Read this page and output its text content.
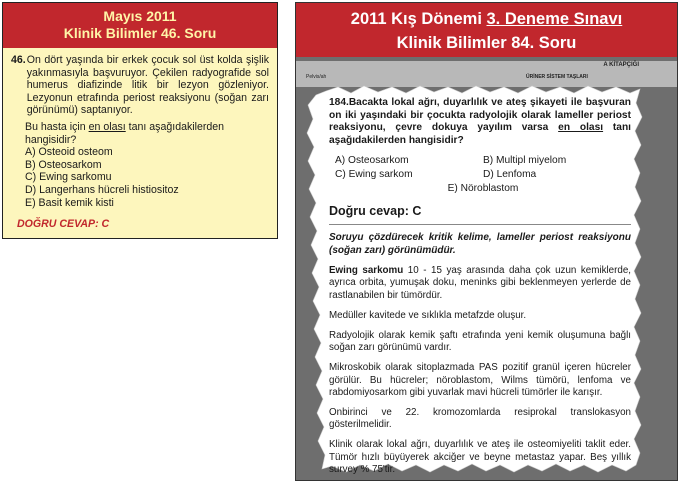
Mayıs 2011
Klinik Bilimler 46. Soru
46. On dört yaşında bir erkek çocuk sol üst kolda şişlik yakınmasıyla başvuruyor. Çekilen radyografide sol humerus diafizinde litik bir lezyon gözleniyor. Lezyonun etrafında periost reaksiyonu (soğan zarı görünümü) saptanıyor.
Bu hasta için en olası tanı aşağıdakilerden hangisidir?
A) Osteoid osteom
B) Osteosarkom
C) Ewing sarkomu
D) Langerhans hücreli histiositoz
E) Basit kemik kisti
DOĞRU CEVAP: C
2011 Kış Dönemi 3. Deneme Sınavı
Klinik Bilimler 84. Soru
A KİTAPÇIĞI
Pelvis/ah	ÜRİNER SİSTEM TAŞLARI
184.Bacakta lokal ağrı, duyarlılık ve ateş şikayeti ile başvuran on iki yaşındaki bir çocukta radyolojik olarak lameller periost reaksiyonu, çevre dokuya yayılım varsa en olası tanı aşağıdakilerden hangisidir?
A) Osteosarkom	B) Multipl miyelom
C) Ewing sarkom	D) Lenfoma
E) Nöroblastom
Doğru cevap: C
Soruyu çözdürecek kritik kelime, lameller periost reaksiyonu (soğan zarı) görünümüdür.
Ewing sarkomu 10 - 15 yaş arasında daha çok uzun kemiklerde, ayrıca orbita, yumuşak doku, meninks gibi beklenmeyen yerlerde de rastlanabilen bir tümördür.
Medüller kavitede ve sıklıkla metafzde oluşur.
Radyolojik olarak kemik şaftı etrafında yeni kemik oluşumuna bağlı soğan zarı görünümü vardır.
Mikroskobik olarak sitoplazmada PAS pozitif granül içeren hücreler görülür. Bu hücreler; nöroblastom, Wilms tümörü, lenfoma ve rabdomiyosarkom gibi yuvarlak mavi hücreli tümörler ile karışır.
Onbirinci ve 22. kromozomlarda resiprokal translokasyon gösterilmelidir.
Klinik olarak lokal ağrı, duyarlılık ve ateş ile osteomiyeliti taklit eder. Tümör hızlı büyüyerek akciğer ve beyne metastaz yapar. Beş yıllık survey % 75'tir.
